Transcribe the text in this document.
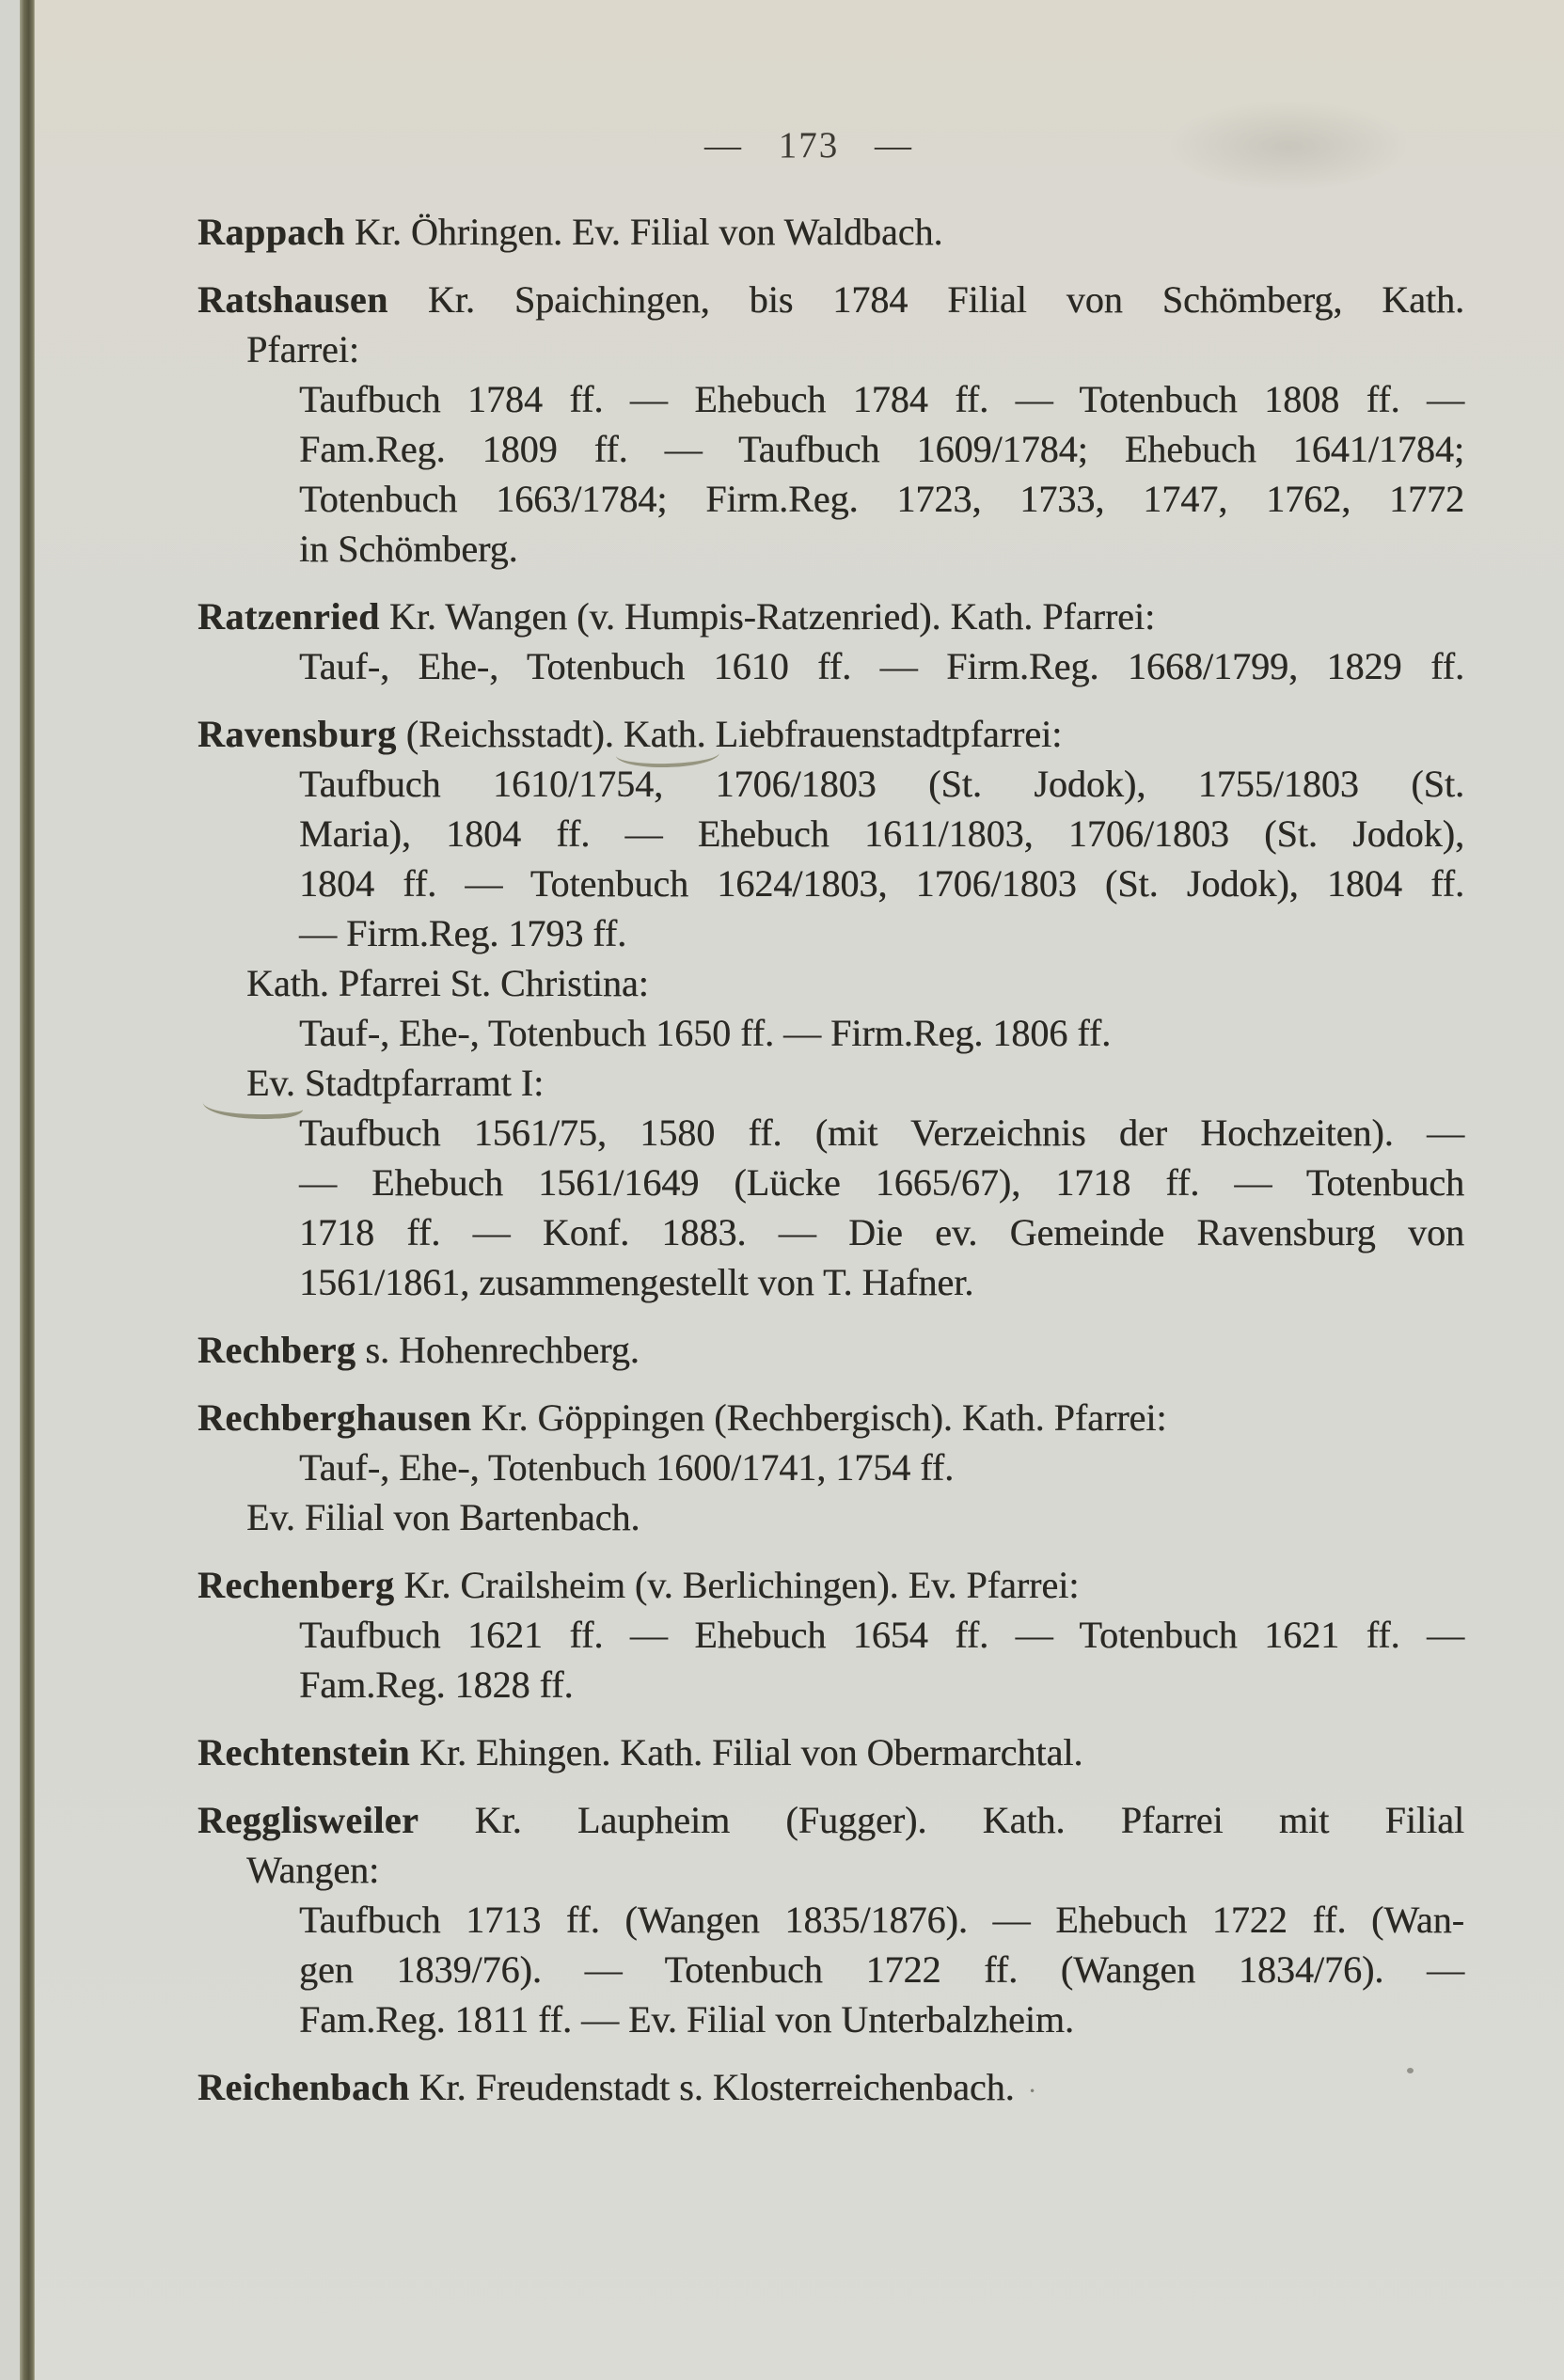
— 173 —
Rappach Kr. Öhringen. Ev. Filial von Waldbach.
Ratshausen Kr. Spaichingen, bis 1784 Filial von Schömberg, Kath.
Pfarrei:
Taufbuch 1784 ff. — Ehebuch 1784 ff. — Totenbuch 1808 ff. —
Fam.Reg. 1809 ff. — Taufbuch 1609/1784; Ehebuch 1641/1784;
Totenbuch 1663/1784; Firm.Reg. 1723, 1733, 1747, 1762, 1772
in Schömberg.
Ratzenried Kr. Wangen (v. Humpis-Ratzenried). Kath. Pfarrei:
Tauf-, Ehe-, Totenbuch 1610 ff. — Firm.Reg. 1668/1799, 1829 ff.
Ravensburg (Reichsstadt). Kath. Liebfrauenstadtpfarrei:
Taufbuch 1610/1754, 1706/1803 (St. Jodok), 1755/1803 (St.
Maria), 1804 ff. — Ehebuch 1611/1803, 1706/1803 (St. Jodok),
1804 ff. — Totenbuch 1624/1803, 1706/1803 (St. Jodok), 1804 ff.
— Firm.Reg. 1793 ff.
Kath. Pfarrei St. Christina:
Tauf-, Ehe-, Totenbuch 1650 ff. — Firm.Reg. 1806 ff.
Ev. Stadtpfarramt I:
Taufbuch 1561/75, 1580 ff. (mit Verzeichnis der Hochzeiten). —
— Ehebuch 1561/1649 (Lücke 1665/67), 1718 ff. — Totenbuch
1718 ff. — Konf. 1883. — Die ev. Gemeinde Ravensburg von
1561/1861, zusammengestellt von T. Hafner.
Rechberg s. Hohenrechberg.
Rechberghausen Kr. Göppingen (Rechbergisch). Kath. Pfarrei:
Tauf-, Ehe-, Totenbuch 1600/1741, 1754 ff.
Ev. Filial von Bartenbach.
Rechenberg Kr. Crailsheim (v. Berlichingen). Ev. Pfarrei:
Taufbuch 1621 ff. — Ehebuch 1654 ff. — Totenbuch 1621 ff. —
Fam.Reg. 1828 ff.
Rechtenstein Kr. Ehingen. Kath. Filial von Obermarchtal.
Regglisweiler Kr. Laupheim (Fugger). Kath. Pfarrei mit Filial
Wangen:
Taufbuch 1713 ff. (Wangen 1835/1876). — Ehebuch 1722 ff. (Wan-
gen 1839/76). — Totenbuch 1722 ff. (Wangen 1834/76). —
Fam.Reg. 1811 ff. — Ev. Filial von Unterbalzheim.
Reichenbach Kr. Freudenstadt s. Klosterreichenbach. ·
